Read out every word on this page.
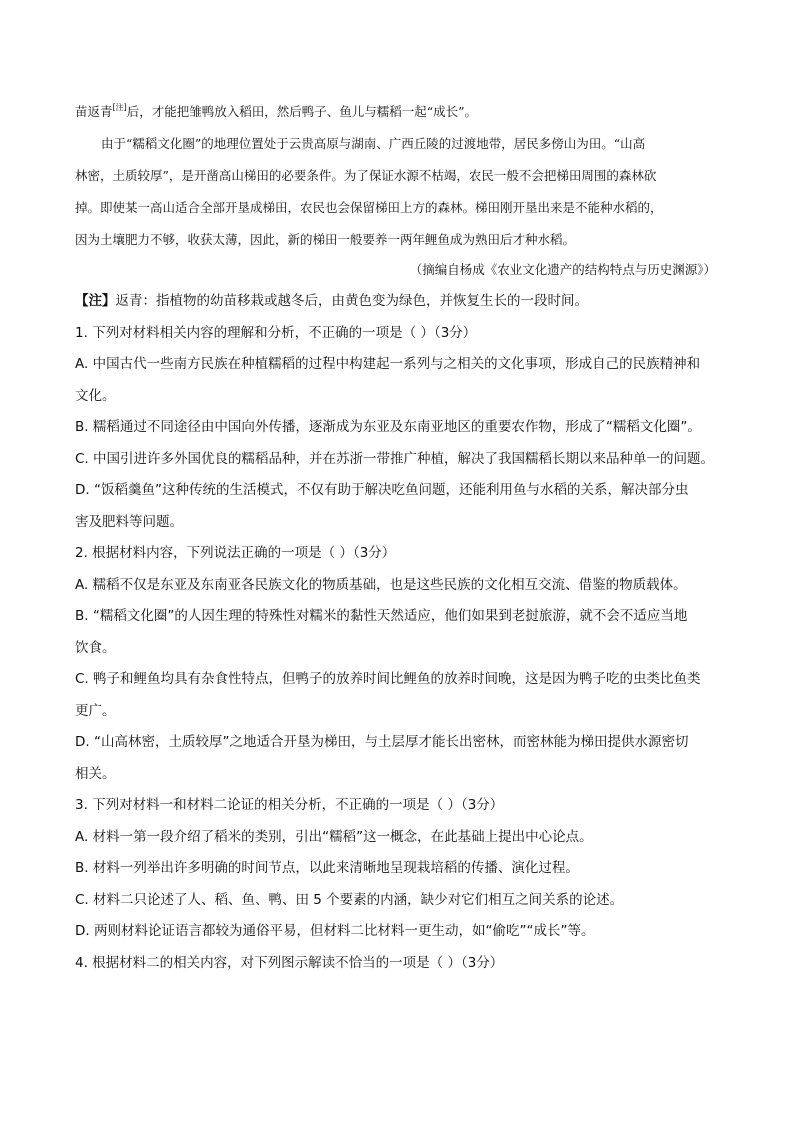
苗返青[注]后，才能把雏鸭放入稻田，然后鸭子、鱼儿与糯稻一起“成长”。
由于“糯稻文化圈”的地理位置处于云贵高原与湖南、广西丘陵的过渡地带，居民多傍山为田。“山高
林密，土质较厚”，是开凿高山梯田的必要条件。为了保证水源不枯竭，农民一般不会把梯田周围的森林砍
掉。即使某一高山适合全部开垦成梯田，农民也会保留梯田上方的森林。梯田刚开垦出来是不能种水稻的，
因为土壤肥力不够，收获太薄，因此，新的梯田一般要养一两年鲤鱼成为熟田后才种水稻。
（摘编自杨成《农业文化遗产的结构特点与历史渊源》）
【注】返青：指植物的幼苗移栽或越冬后，由黄色变为绿色，并恢复生长的一段时间。
1. 下列对材料相关内容的理解和分析，不正确的一项是（ ）（3分）
A. 中国古代一些南方民族在种植糯稻的过程中构建起一系列与之相关的文化事项，形成自己的民族精神和
文化。
B. 糯稻通过不同途径由中国向外传播，逐渐成为东亚及东南亚地区的重要农作物，形成了“糯稻文化圈”。
C. 中国引进许多外国优良的糯稻品种，并在苏浙一带推广种植，解决了我国糯稻长期以来品种单一的问题。
D. “饭稻羹鱼”这种传统的生活模式，不仅有助于解决吃鱼问题，还能利用鱼与水稻的关系，解决部分虫
害及肥料等问题。
2. 根据材料内容，下列说法正确的一项是（ ）（3分）
A. 糯稻不仅是东亚及东南亚各民族文化的物质基础，也是这些民族的文化相互交流、借鉴的物质载体。
B. “糯稻文化圈”的人因生理的特殊性对糯米的黏性天然适应，他们如果到老挝旅游，就不会不适应当地
饮食。
C. 鸭子和鲤鱼均具有杂食性特点，但鸭子的放养时间比鲤鱼的放养时间晚，这是因为鸭子吃的虫类比鱼类
更广。
D. “山高林密，土质较厚”之地适合开垦为梯田，与土层厚才能长出密林，而密林能为梯田提供水源密切
相关。
3. 下列对材料一和材料二论证的相关分析，不正确的一项是（ ）（3分）
A. 材料一第一段介绍了稻米的类别，引出“糯稻”这一概念，在此基础上提出中心论点。
B. 材料一列举出许多明确的时间节点，以此来清晰地呈现栽培稻的传播、演化过程。
C. 材料二只论述了人、稻、鱼、鸭、田 5 个要素的内涵，缺少对它们相互之间关系的论述。
D. 两则材料论证语言都较为通俗平易，但材料二比材料一更生动，如“偷吃”“成长”等。
4. 根据材料二的相关内容，对下列图示解读不恰当的一项是（ ）（3分）
